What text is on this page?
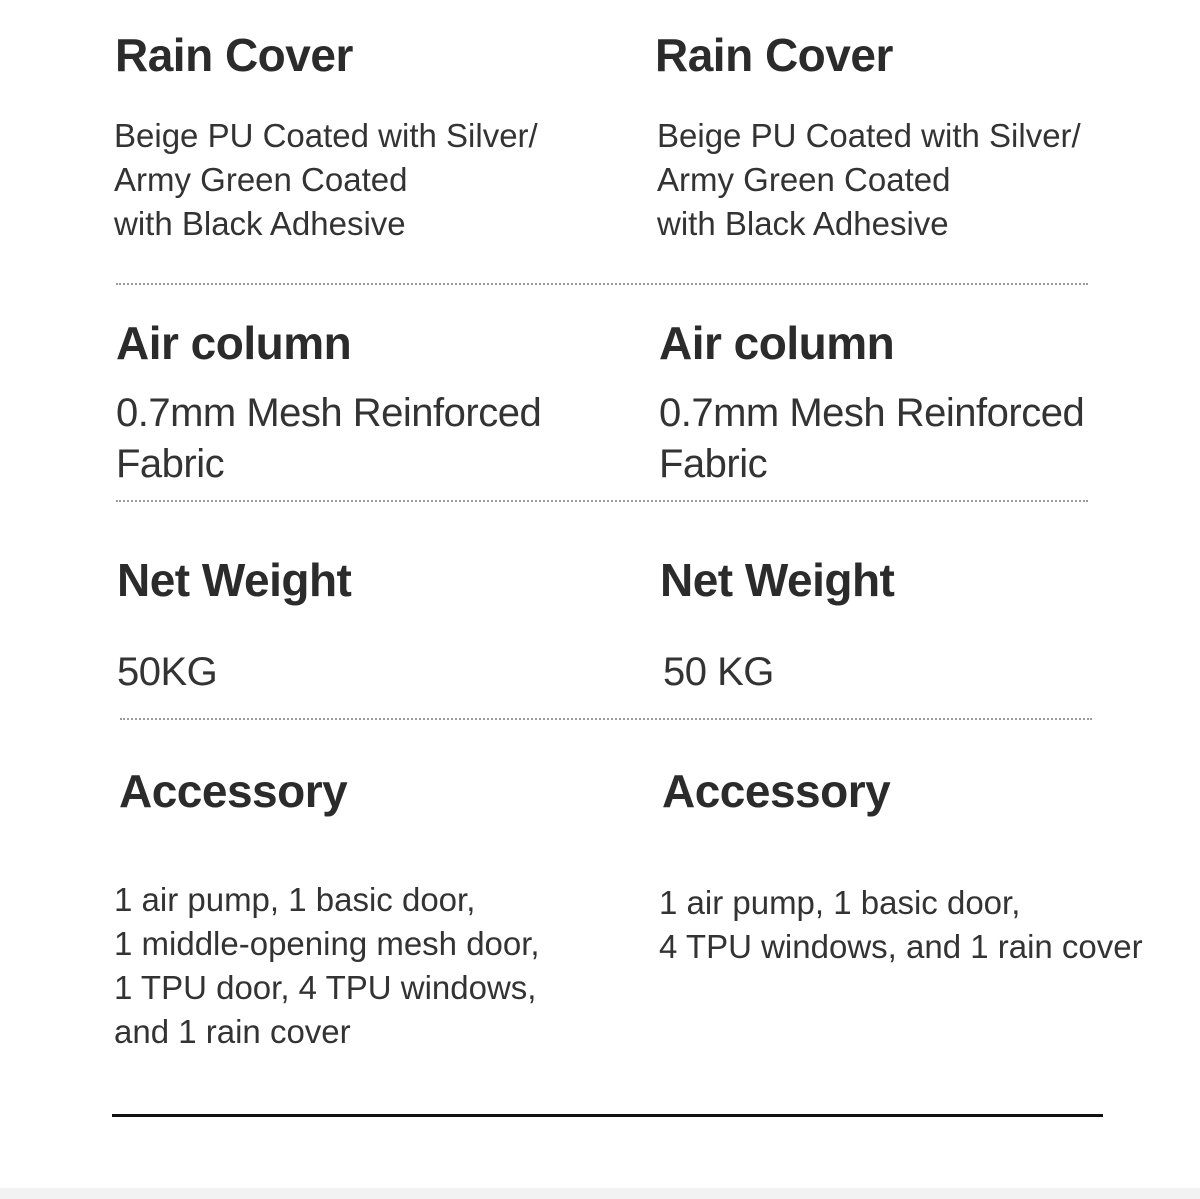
Rain Cover
Beige PU Coated with Silver/
Army Green Coated
with Black Adhesive
Air column
0.7mm Mesh Reinforced
Fabric
Net Weight
50KG
Accessory
1 air pump, 1 basic door,
1 middle-opening mesh door,
1 TPU door, 4 TPU windows,
and 1 rain cover
Rain Cover
Beige PU Coated with Silver/
Army Green Coated
with Black Adhesive
Air column
0.7mm Mesh Reinforced
Fabric
Net Weight
50 KG
Accessory
1 air pump, 1 basic door,
4 TPU windows, and 1 rain cover
